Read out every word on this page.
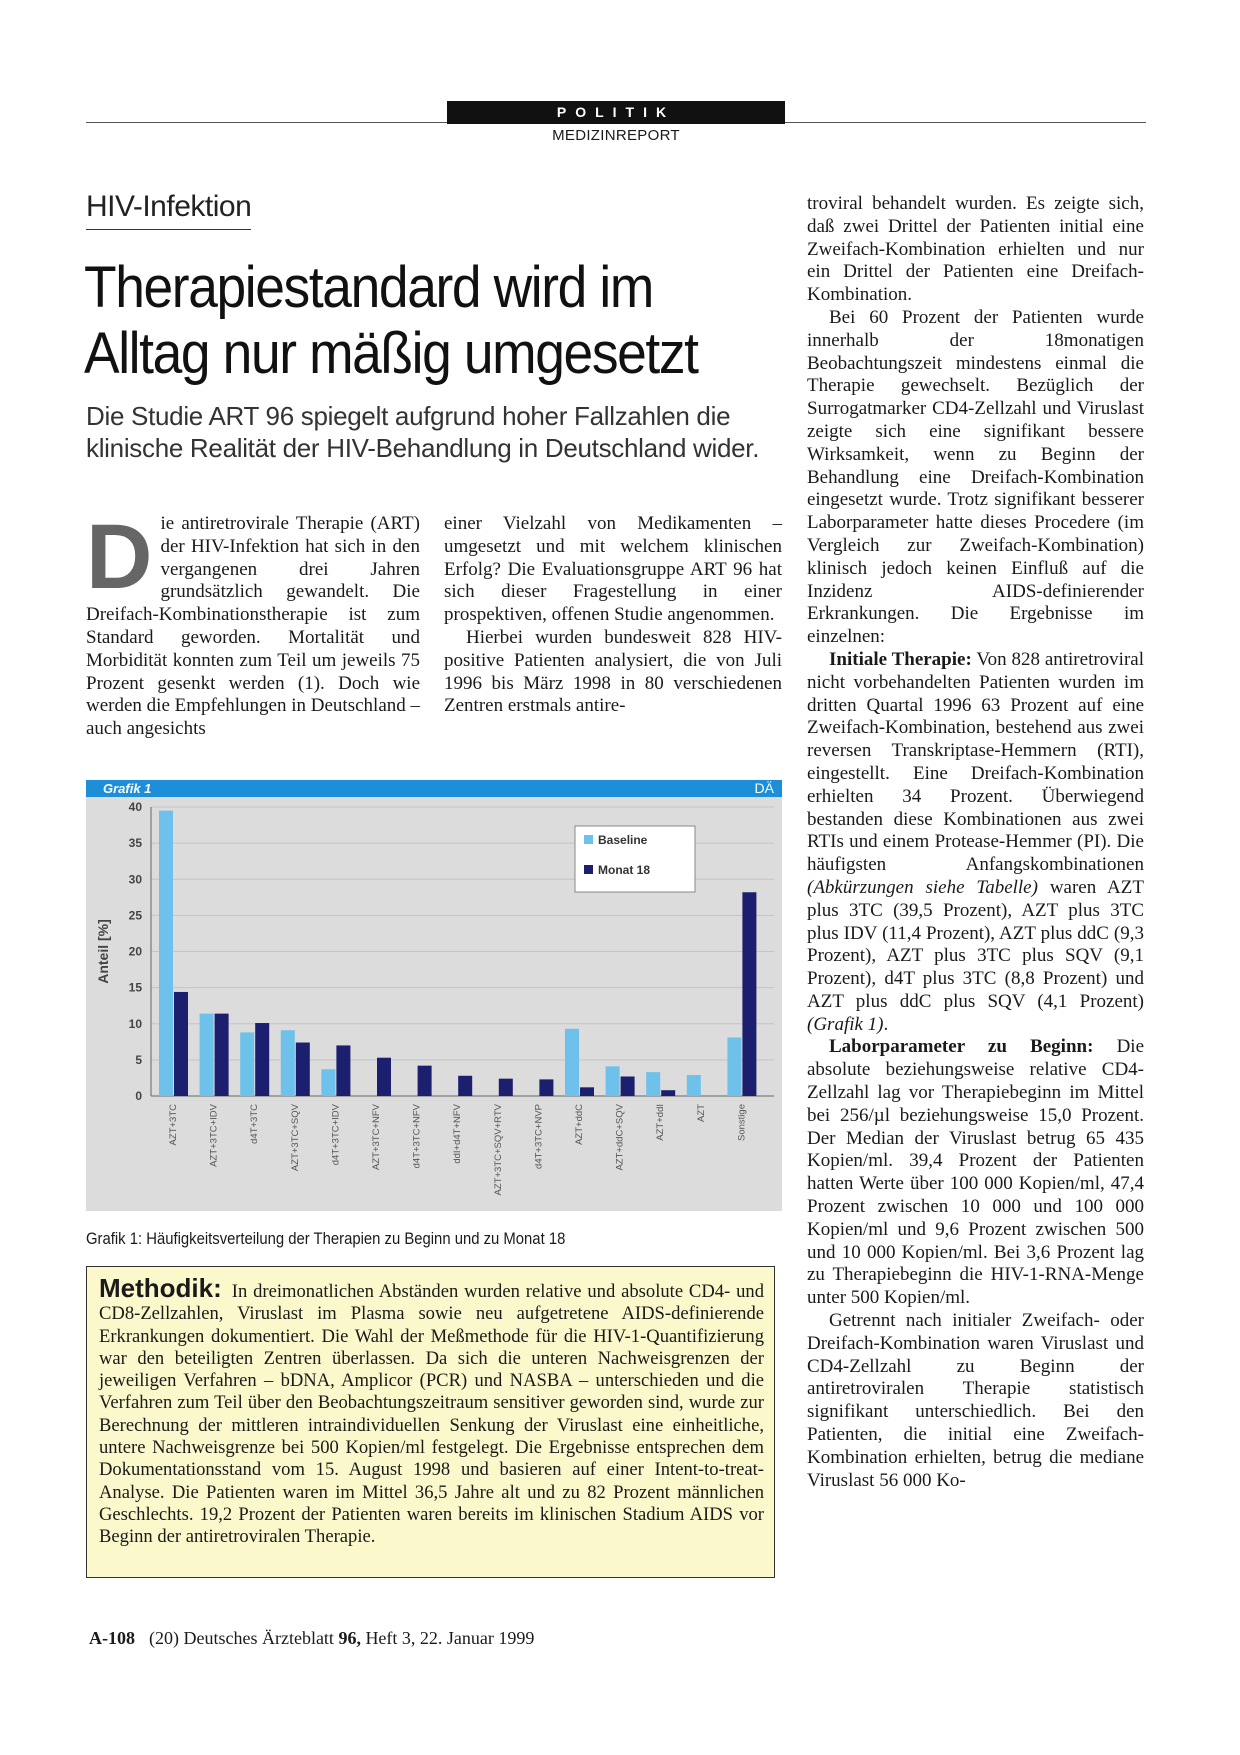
POLITIK
MEDIZINREPORT
HIV-Infektion
Therapiestandard wird im
Alltag nur mäßig umgesetzt
Die Studie ART 96 spiegelt aufgrund hoher Fallzahlen die klinische Realität der HIV-Behandlung in Deutschland wider.

Die antiretrovirale Therapie (ART) der HIV-Infektion hat sich in den vergangenen drei Jahren grundsätzlich gewandelt. Die Dreifach-Kombinationstherapie ist zum Standard geworden. Mortalität und Morbidität konnten zum Teil um jeweils 75 Prozent gesenkt werden (1). Doch wie werden die Empfehlungen in Deutschland – auch angesichts

einer Vielzahl von Medikamenten – umgesetzt und mit welchem klinischen Erfolg? Die Evaluationsgruppe ART 96 hat sich dieser Fragestellung in einer prospektiven, offenen Studie angenommen.

Hierbei wurden bundesweit 828 HIV-positive Patienten analysiert, die von Juli 1996 bis März 1998 in 80 verschiedenen Zentren erstmals antire-

troviral behandelt wurden. Es zeigte sich, daß zwei Drittel der Patienten initial eine Zweifach-Kombination erhielten und nur ein Drittel der Patienten eine Dreifach-Kombination.

Bei 60 Prozent der Patienten wurde innerhalb der 18monatigen Beobachtungszeit mindestens einmal die Therapie gewechselt. Bezüglich der Surrogatmarker CD4-Zellzahl und Viruslast zeigte sich eine signifikant bessere Wirksamkeit, wenn zu Beginn der Behandlung eine Dreifach-Kombination eingesetzt wurde. Trotz signifikant besserer Laborparameter hatte dieses Procedere (im Vergleich zur Zweifach-Kombination) klinisch jedoch keinen Einfluß auf die Inzidenz AIDS-definierender Erkrankungen. Die Ergebnisse im einzelnen:

Initiale Therapie: Von 828 antiretroviral nicht vorbehandelten Patienten wurden im dritten Quartal 1996 63 Prozent auf eine Zweifach-Kombination, bestehend aus zwei reversen Transkriptase-Hemmern (RTI), eingestellt. Eine Dreifach-Kombination erhielten 34 Prozent. Überwiegend bestanden diese Kombinationen aus zwei RTIs und einem Protease-Hemmer (PI). Die häufigsten Anfangskombinationen (Abkürzungen siehe Tabelle) waren AZT plus 3TC (39,5 Prozent), AZT plus 3TC plus IDV (11,4 Prozent), AZT plus ddC (9,3 Prozent), AZT plus 3TC plus SQV (9,1 Prozent), d4T plus 3TC (8,8 Prozent) und AZT plus ddC plus SQV (4,1 Prozent) (Grafik 1).

Laborparameter zu Beginn: Die absolute beziehungsweise relative CD4-Zellzahl lag vor Therapiebeginn im Mittel bei 256/µl beziehungsweise 15,0 Prozent. Der Median der Viruslast betrug 65 435 Kopien/ml. 39,4 Prozent der Patienten hatten Werte über 100 000 Kopien/ml, 47,4 Prozent zwischen 10 000 und 100 000 Kopien/ml und 9,6 Prozent zwischen 500 und 10 000 Kopien/ml. Bei 3,6 Prozent lag zu Therapiebeginn die HIV-1-RNA-Menge unter 500 Kopien/ml.

Getrennt nach initialer Zweifach- oder Dreifach-Kombination waren Viruslast und CD4-Zellzahl zu Beginn der antiretroviralen Therapie statistisch signifikant unterschiedlich. Bei den Patienten, die initial eine Zweifach-Kombination erhielten, betrug die mediane Viruslast 56 000 Ko-

Grafik 1	DÄ
0
5
10
15
20
25
30
35
40
Anteil [%]
AZT+3TC	AZT+3TC+IDV	d4T+3TC	AZT+3TC+SQV	d4T+3TC+IDV	AZT+3TC+NFV	d4T+3TC+NFV	ddI+d4T+NFV	AZT+3TC+SQV+RTV	d4T+3TC+NVP	AZT+ddC	AZT+ddC+SQV	AZT+ddI	AZT	Sonstige
Baseline
Monat 18
Grafik 1: Häufigkeitsverteilung der Therapien zu Beginn und zu Monat 18
Methodik: In dreimonatlichen Abständen wurden relative und absolute CD4- und CD8-Zellzahlen, Viruslast im Plasma sowie neu aufgetretene AIDS-definierende Erkrankungen dokumentiert. Die Wahl der Meßmethode für die HIV-1-Quantifizierung war den beteiligten Zentren überlassen. Da sich die unteren Nachweisgrenzen der jeweiligen Verfahren – bDNA, Amplicor (PCR) und NASBA – unterschieden und die Verfahren zum Teil über den Beobachtungszeitraum sensitiver geworden sind, wurde zur Berechnung der mittleren intraindividuellen Senkung der Viruslast eine einheitliche, untere Nachweisgrenze bei 500 Kopien/ml festgelegt. Die Ergebnisse entsprechen dem Dokumentationsstand vom 15. August 1998 und basieren auf einer Intent-to-treat-Analyse. Die Patienten waren im Mittel 36,5 Jahre alt und zu 82 Prozent männlichen Geschlechts. 19,2 Prozent der Patienten waren bereits im klinischen Stadium AIDS vor Beginn der antiretroviralen Therapie.
A-108 (20) Deutsches Ärzteblatt 96, Heft 3, 22. Januar 1999
